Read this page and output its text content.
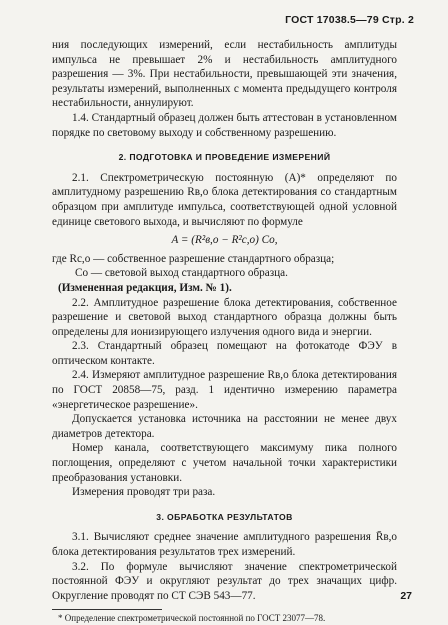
ГОСТ 17038.5—79 Стр. 2

ния последующих измерений, если нестабильность амплитуды импульса не превышает 2% и нестабильность амплитудного разрешения — 3%. При нестабильности, превышающей эти значения, результаты измерений, выполненных с момента предыдущего контроля нестабильности, аннулируют.

1.4. Стандартный образец должен быть аттестован в установленном порядке по световому выходу и собственному разрешению.

2. ПОДГОТОВКА И ПРОВЕДЕНИЕ ИЗМЕРЕНИЙ

2.1. Спектрометрическую постоянную (A)* определяют по амплитудному разрешению Rв,о блока детектирования со стандартным образцом при амплитуде импульса, соответствующей одной условной единице светового выхода, и вычисляют по формуле

A = (R²в,о − R²с,о) Cо,

где Rс,о — собственное разрешение стандартного образца;

Cо — световой выход стандартного образца.

(Измененная редакция, Изм. № 1).

2.2. Амплитудное разрешение блока детектирования, собственное разрешение и световой выход стандартного образца должны быть определены для ионизирующего излучения одного вида и энергии.

2.3. Стандартный образец помещают на фотокатоде ФЭУ в оптическом контакте.

2.4. Измеряют амплитудное разрешение Rв,о блока детектирования по ГОСТ 20858—75, разд. 1 идентично измерению параметра «энергетическое разрешение».

Допускается установка источника на расстоянии не менее двух диаметров детектора.

Номер канала, соответствующего максимуму пика полного поглощения, определяют с учетом начальной точки характеристики преобразования установки.

Измерения проводят три раза.

3. ОБРАБОТКА РЕЗУЛЬТАТОВ

3.1. Вычисляют среднее значение амплитудного разрешения R̄в,о блока детектирования результатов трех измерений.

3.2. По формуле вычисляют значение спектрометрической постоянной ФЭУ и округляют результат до трех значащих цифр. Округление проводят по СТ СЭВ 543—77.

* Определение спектрометрической постоянной по ГОСТ 23077—78.

27
